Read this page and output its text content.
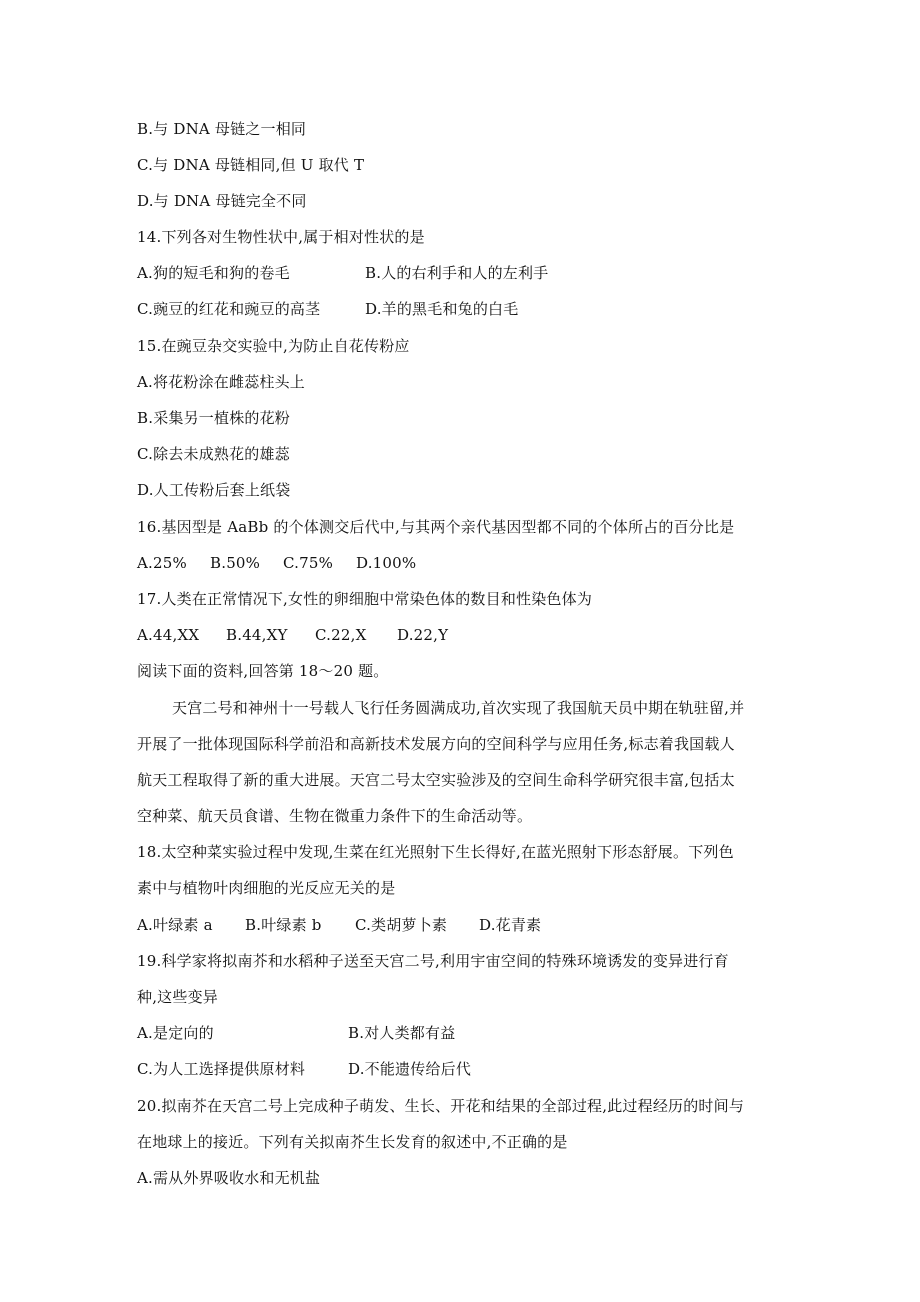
B.与 DNA 母链之一相同
C.与 DNA 母链相同,但 U 取代 T
D.与 DNA 母链完全不同
14.下列各对生物性状中,属于相对性状的是
A.狗的短毛和狗的卷毛	B.人的右利手和人的左利手
C.豌豆的红花和豌豆的高茎	D.羊的黑毛和兔的白毛
15.在豌豆杂交实验中,为防止自花传粉应
A.将花粉涂在雌蕊柱头上
B.采集另一植株的花粉
C.除去未成熟花的雄蕊
D.人工传粉后套上纸袋
16.基因型是 AaBb 的个体测交后代中,与其两个亲代基因型都不同的个体所占的百分比是
A.25% B.50% C.75% D.100%
17.人类在正常情况下,女性的卵细胞中常染色体的数目和性染色体为
A.44,XX B.44,XY C.22,X D.22,Y
阅读下面的资料,回答第 18～20 题。
天宫二号和神州十一号载人飞行任务圆满成功,首次实现了我国航天员中期在轨驻留,并
开展了一批体现国际科学前沿和高新技术发展方向的空间科学与应用任务,标志着我国载人
航天工程取得了新的重大进展。天宫二号太空实验涉及的空间生命科学研究很丰富,包括太
空种菜、航天员食谱、生物在微重力条件下的生命活动等。
18.太空种菜实验过程中发现,生菜在红光照射下生长得好,在蓝光照射下形态舒展。下列色
素中与植物叶肉细胞的光反应无关的是
A.叶绿素 a B.叶绿素 b C.类胡萝卜素 D.花青素
19.科学家将拟南芥和水稻种子送至天宫二号,利用宇宙空间的特殊环境诱发的变异进行育
种,这些变异
A.是定向的	B.对人类都有益
C.为人工选择提供原材料	D.不能遗传给后代
20.拟南芥在天宫二号上完成种子萌发、生长、开花和结果的全部过程,此过程经历的时间与
在地球上的接近。下列有关拟南芥生长发育的叙述中,不正确的是
A.需从外界吸收水和无机盐
